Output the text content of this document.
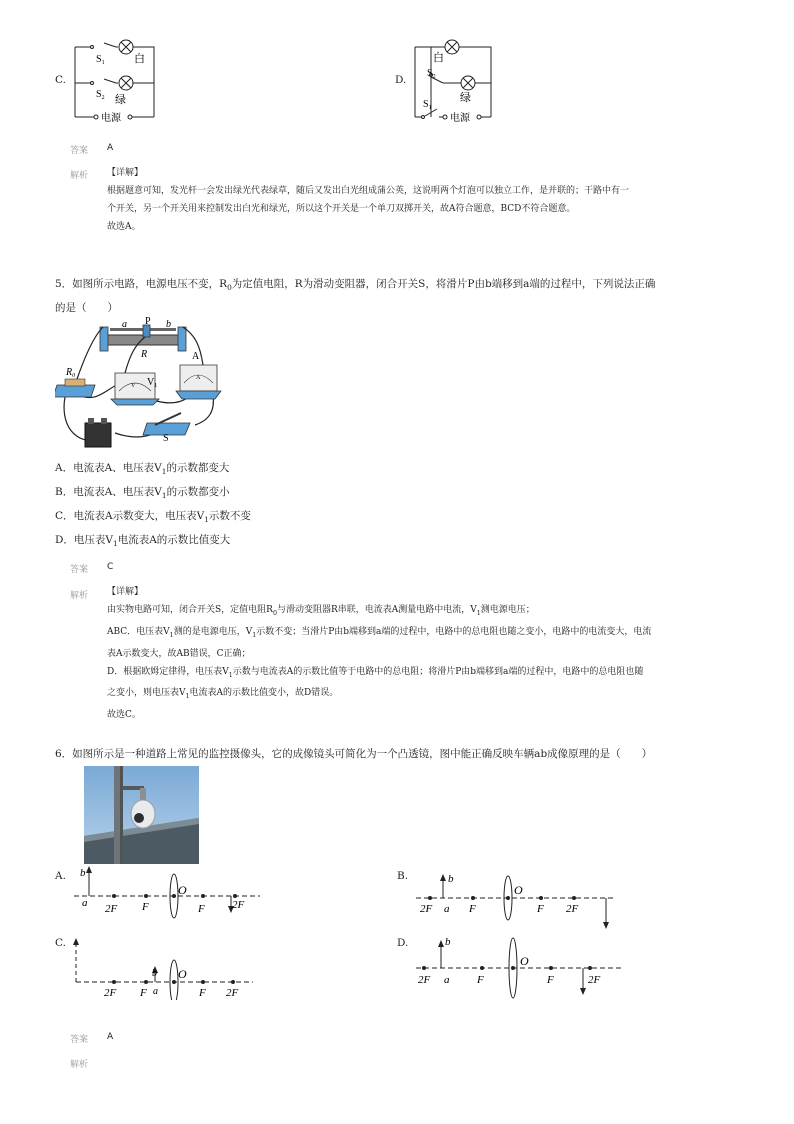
C.
$S_1$	白
$S_2$ 绿
电源
D.
白
$S_2$
绿
$S_1$
电源
答案 A
解析 【详解】
根据题意可知，发光杆一会发出绿光代表绿草，随后又发出白光组成蒲公英，这说明两个灯泡可以独立工作，是并联的；干路中有一
个开关，另一个开关用来控制发出白光和绿光，所以这个开关是一个单刀双掷开关，故A符合题意，BCD不符合题意。
故选A。
5．如图所示电路，电源电压不变，$R_0$为定值电阻，R为滑动变阻器，闭合开关S，将滑片P由b端移到a端的过程中，下列说法正确
的是（　　）
V
A
a P b
R	A
$R_0$
$V_1$
S
A．电流表A、电压表$V_1$的示数都变大
B．电流表A、电压表$V_1$的示数都变小
C．电流表A示数变大，电压表$V_1$示数不变
D．电压表$V_1$电流表A的示数比值变大
答案 C
解析 【详解】
由实物电路可知，闭合开关S，定值电阻$R_0$与滑动变阻器R串联，电流表A测量电路中电流，$V_1$测电源电压；
ABC．电压表$V_1$测的是电源电压，$V_1$示数不变；当滑片P由b端移到a端的过程中，电路中的总电阻也随之变小，电路中的电流变大，电流
表A示数变大，故AB错误，C正确；
D．根据欧姆定律得，电压表$V_1$示数与电流表A的示数比值等于电路中的总电阻；将滑片P由b端移到a端的过程中，电路中的总电阻也随
之变小，则电压表$V_1$电流表A的示数比值变小，故D错误。
故选C。
6．如图所示是一种道路上常见的监控摄像头，它的成像镜头可简化为一个凸透镜，图中能正确反映车辆ab成像原理的是（　　）
A. b
a 2F F
O
F 2F
B.	b
2F a F
O
F 2F
C.
b
2F F a
O
F 2F
D.	b
2F a	F
O
F	2F
答案 A
解析
